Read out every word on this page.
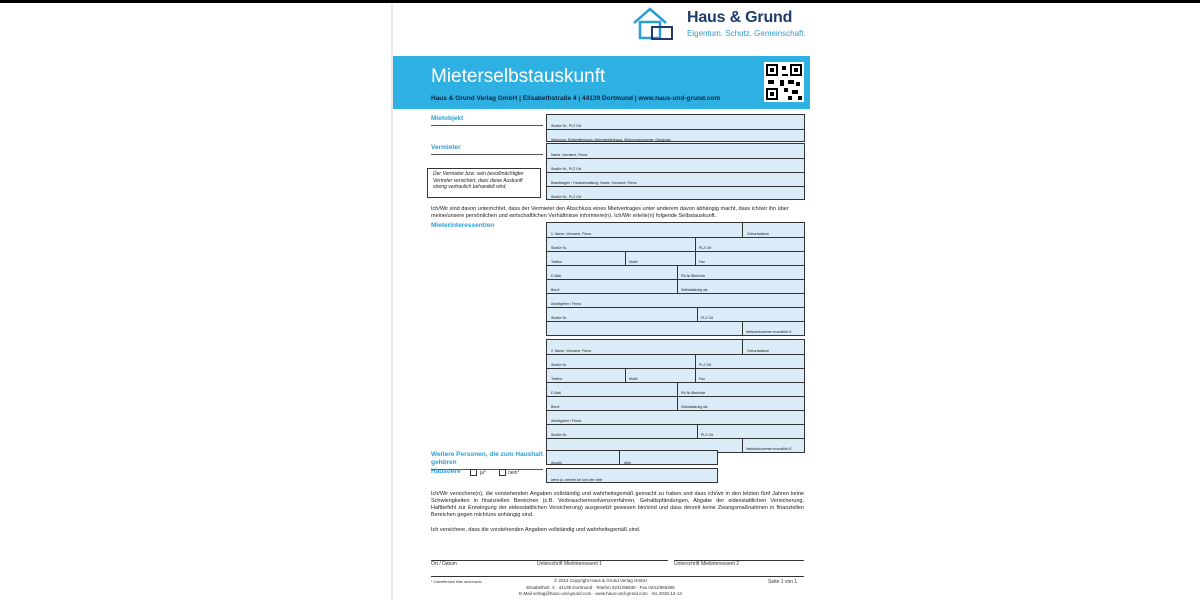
Haus & Grund
Eigentum. Schutz. Gemeinschaft.
Mieterselbstauskunft
Haus & Grund Verlag GmbH | Elisabethstraße 4 | 44139 Dortmund | www.haus-und-grund.com
Mietobjekt
Straße Nr., PLZ Ort
Wohnung, Einfamilienhaus, Mehrfamilienhaus, Wohnungsnummer, Geschoss
Vermieter
Name, Vorname, Firma
Straße Nr., PLZ Ort
Beauftragter / Hausverwaltung: Name, Vorname, Firma
Straße Nr., PLZ Ort
Der Vermieter bzw. sein bevollmächtigter Vertreter versichert, dass diese Auskunft streng vertraulich behandelt wird.
Ich/Wir sind davon unterrichtet, dass der Vermieter den Abschluss eines Mietvertrages unter anderem davon abhängig macht, dass ich/wir ihn über meine/unsere persönlichen und wirtschaftlichen Verhältnisse informiere(n). Ich/Wir erteile(n) folgende Selbstauskunft.
Mieterinteressent/en
1. Name, Vorname, Firma	Geburtsdatum
Straße Nr.	PLZ Ort
Telefon	Mobil	Fax
E-Mail	PA-Nr./Behörde
Beruf	Selbstständig als
Arbeitgeber / Firma
Straße Nr.	PLZ Ort
Nettoeinkommen monatlich €
2. Name, Vorname, Firma	Geburtsdatum
Straße Nr.	PLZ Ort
Telefon	Mobil	Fax
E-Mail	PA-Nr./Behörde
Beruf	Selbstständig als
Arbeitgeber / Firma
Straße Nr.	PLZ Ort
Nettoeinkommen monatlich €
Weitere Personen, die zum Haushalt gehören	Anzahl	Alter
Haustiere	ja*	nein*
wenn ja, welche Art und wie viele
Ich/Wir versichere(n), die vorstehenden Angaben vollständig und wahrheitsgemäß gemacht zu haben und dass ich/wir in den letzten fünf Jahren keine Schwierigkeiten in finanziellen Bereichen (z.B. Verbraucherinsolvenzverfahren, Gehaltspfändungen, Abgabe der eidesstattlichen Versicherung, Haftbefehl zur Erzwingung der eidesstattlichen Versicherung) ausgesetzt gewesen bin/sind und dass derzeit keine Zwangsmaßnahmen in finanziellen Bereichen gegen mich/uns anhängig sind.
Ich versichere, dass die vorstehenden Angaben vollständig und wahrheitsgemäß sind.
Ort / Datum	Unterschrift Mietinteressent 1	Unterschrift Mietinteressent 2
* Zutreffendes bitte ankreuzen	© 2014 Copyright Haus & Grund Verlag GmbH
Elisabethstr. 4 · 44139 Dortmund · Telefon 0231/95830 · Fax 0231/958395
E-Mail verlag@haus-und-grund.com · www.haus-und-grund.com · ms.2015-12-13
Seite 1 von 1
